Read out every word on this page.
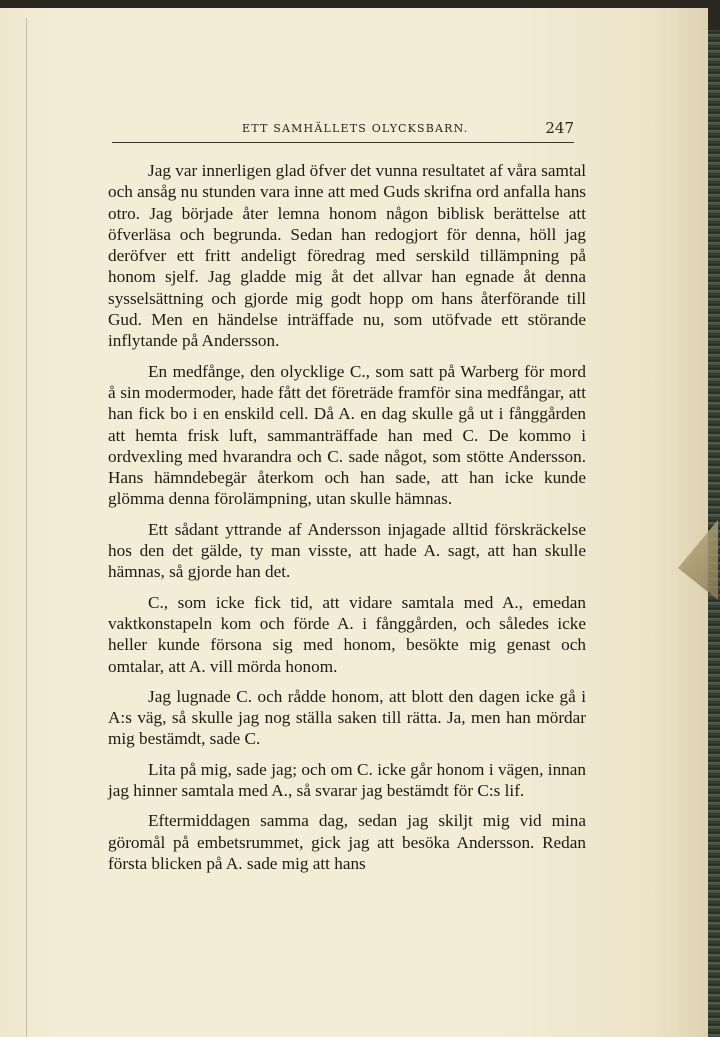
ETT SAMHÄLLETS OLYCKSBARN.	247

Jag var innerligen glad öfver det vunna resultatet af våra samtal och ansåg nu stunden vara inne att med Guds skrifna ord anfalla hans otro. Jag började åter lemna honom någon biblisk berättelse att öfverläsa och begrunda. Sedan han redogjort för denna, höll jag deröfver ett fritt andeligt föredrag med serskild tillämpning på honom sjelf. Jag gladde mig åt det allvar han egnade åt denna sysselsättning och gjorde mig godt hopp om hans återförande till Gud. Men en händelse inträffade nu, som utöfvade ett störande inflytande på Andersson.

En medfånge, den olycklige C., som satt på Warberg för mord å sin modermoder, hade fått det företräde framför sina medfångar, att han fick bo i en enskild cell. Då A. en dag skulle gå ut i fånggården att hemta frisk luft, sammanträffade han med C. De kommo i ordvexling med hvarandra och C. sade något, som stötte Andersson. Hans hämndebegär återkom och han sade, att han icke kunde glömma denna förolämpning, utan skulle hämnas.

Ett sådant yttrande af Andersson injagade alltid förskräckelse hos den det gälde, ty man visste, att hade A. sagt, att han skulle hämnas, så gjorde han det.

C., som icke fick tid, att vidare samtala med A., emedan vaktkonstapeln kom och förde A. i fånggården, och således icke heller kunde försona sig med honom, besökte mig genast och omtalar, att A. vill mörda honom.

Jag lugnade C. och rådde honom, att blott den dagen icke gå i A:s väg, så skulle jag nog ställa saken till rätta. Ja, men han mördar mig bestämdt, sade C.

Lita på mig, sade jag; och om C. icke går honom i vägen, innan jag hinner samtala med A., så svarar jag bestämdt för C:s lif.

Eftermiddagen samma dag, sedan jag skiljt mig vid mina göromål på embetsrummet, gick jag att besöka Andersson. Redan första blicken på A. sade mig att hans
